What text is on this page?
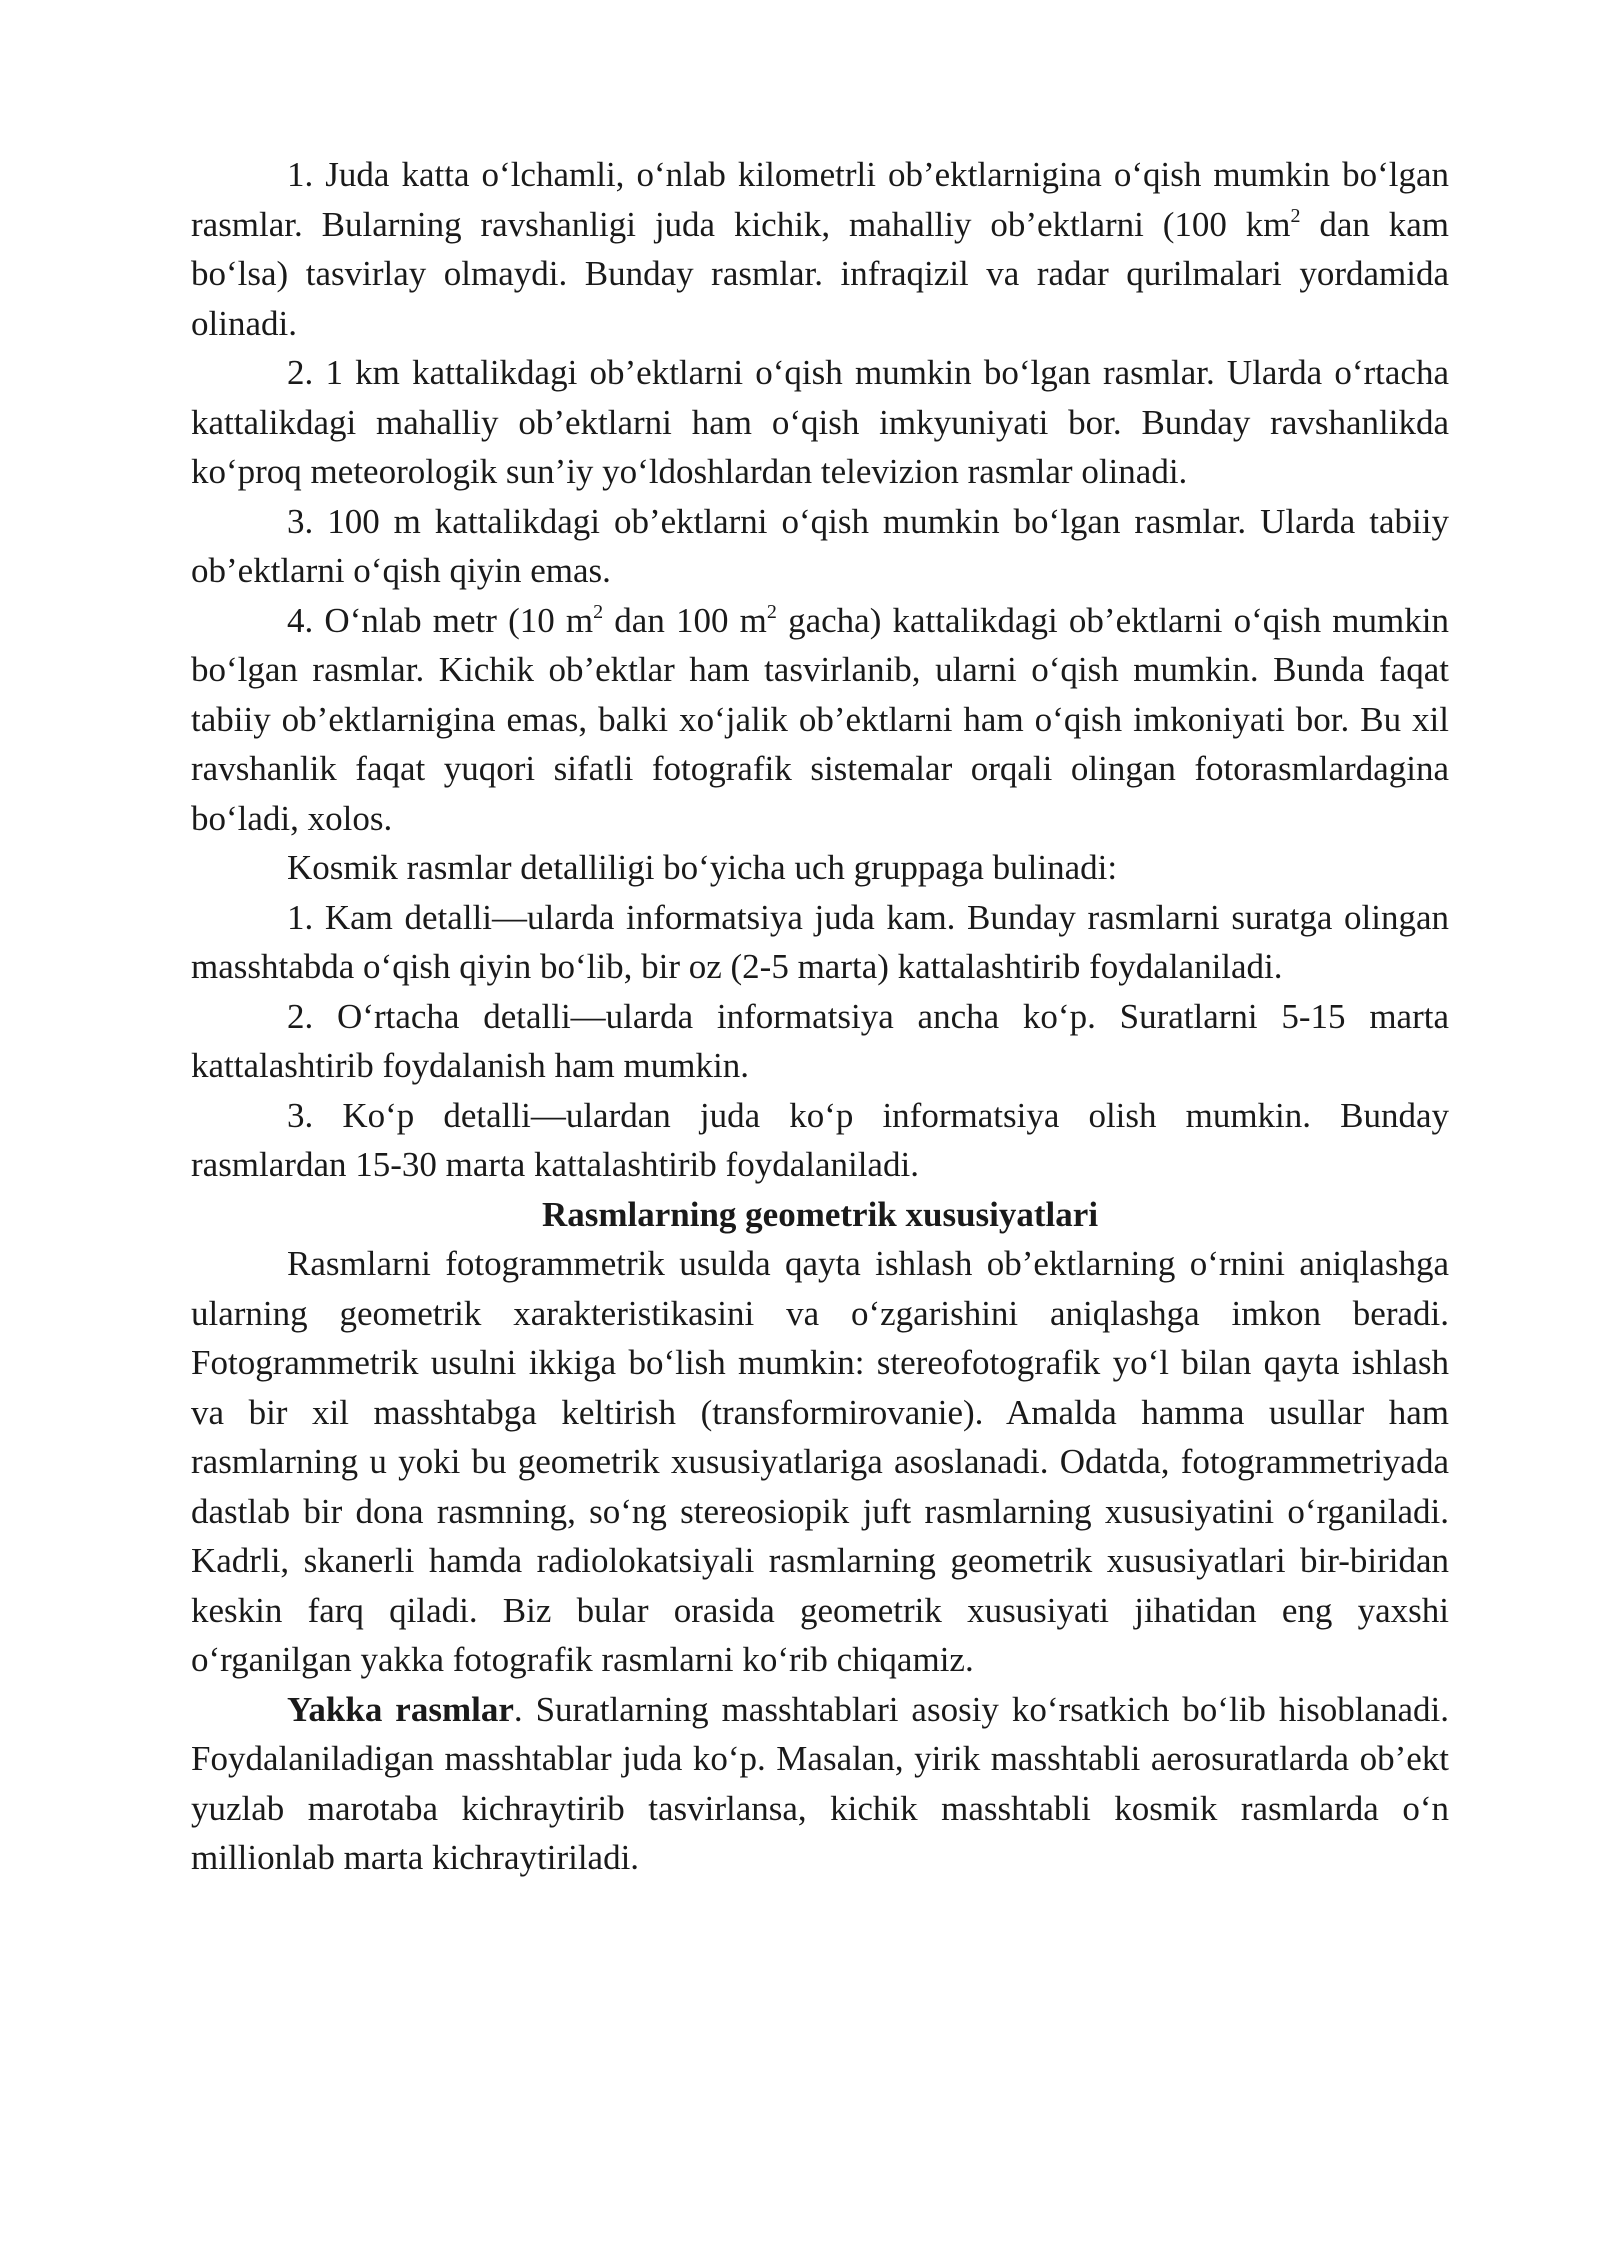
1. Juda katta o‘lchamli, o‘nlab kilometrli ob’ektlarnigina o‘qish mumkin bo‘lgan rasmlar. Bularning ravshanligi juda kichik, mahalliy ob’ektlarni (100 $km^2$ dan kam bo‘lsa) tasvirlay olmaydi. Bunday rasmlar. infraqizil va radar qurilmalari yordamida olinadi.

2. 1 km kattalikdagi ob’ektlarni o‘qish mumkin bo‘lgan rasmlar. Ularda o‘rtacha kattalikdagi mahalliy ob’ektlarni ham o‘qish imkyuniyati bor. Bunday ravshanlikda ko‘proq meteorologik sun’iy yo‘ldoshlardan televizion rasmlar olinadi.

3. 100 m kattalikdagi ob’ektlarni o‘qish mumkin bo‘lgan rasmlar. Ularda tabiiy ob’ektlarni o‘qish qiyin emas.

4. O‘nlab metr (10 $m^2$ dan 100 $m^2$ gacha) kattalikdagi ob’ektlarni o‘qish mumkin bo‘lgan rasmlar. Kichik ob’ektlar ham tasvirlanib, ularni o‘qish mumkin. Bunda faqat tabiiy ob’ektlarnigina emas, balki xo‘jalik ob’ektlarni ham o‘qish imkoniyati bor. Bu xil ravshanlik faqat yuqori sifatli fotografik sistemalar orqali olingan fotorasmlardagina bo‘ladi, xolos.

Kosmik rasmlar detalliligi bo‘yicha uch gruppaga bulinadi:

1. Kam detalli—ularda informatsiya juda kam. Bunday rasmlarni suratga olingan masshtabda o‘qish qiyin bo‘lib, bir oz (2-5 marta) kattalashtirib foydalaniladi.

2. O‘rtacha detalli—ularda informatsiya ancha ko‘p. Suratlarni 5-15 marta kattalashtirib foydalanish ham mumkin.

3. Ko‘p detalli—ulardan juda ko‘p informatsiya olish mumkin. Bunday rasmlardan 15-30 marta kattalashtirib foydalaniladi.

Rasmlarning geometrik xususiyatlari

Rasmlarni fotogrammetrik usulda qayta ishlash ob’ektlarning o‘rnini aniqlashga ularning geometrik xarakteristikasini va o‘zgarishini aniqlashga imkon beradi. Fotogrammetrik usulni ikkiga bo‘lish mumkin: stereofotografik yo‘l bilan qayta ishlash va bir xil masshtabga keltirish (transformirovanie). Amalda hamma usullar ham rasmlarning u yoki bu geometrik xususiyatlariga asoslanadi. Odatda, fotogrammetriyada dastlab bir dona rasmning, so‘ng stereosiopik juft rasmlarning xususiyatini o‘rganiladi. Kadrli, skanerli hamda radiolokatsiyali rasmlarning geometrik xususiyatlari bir-biridan keskin farq qiladi. Biz bular orasida geometrik xususiyati jihatidan eng yaxshi o‘rganilgan yakka fotografik rasmlarni ko‘rib chiqamiz.

Yakka rasmlar. Suratlarning masshtablari asosiy ko‘rsatkich bo‘lib hisoblanadi. Foydalaniladigan masshtablar juda ko‘p. Masalan, yirik masshtabli aerosuratlarda ob’ekt yuzlab marotaba kichraytirib tasvirlansa, kichik masshtabli kosmik rasmlarda o‘n millionlab marta kichraytiriladi.
